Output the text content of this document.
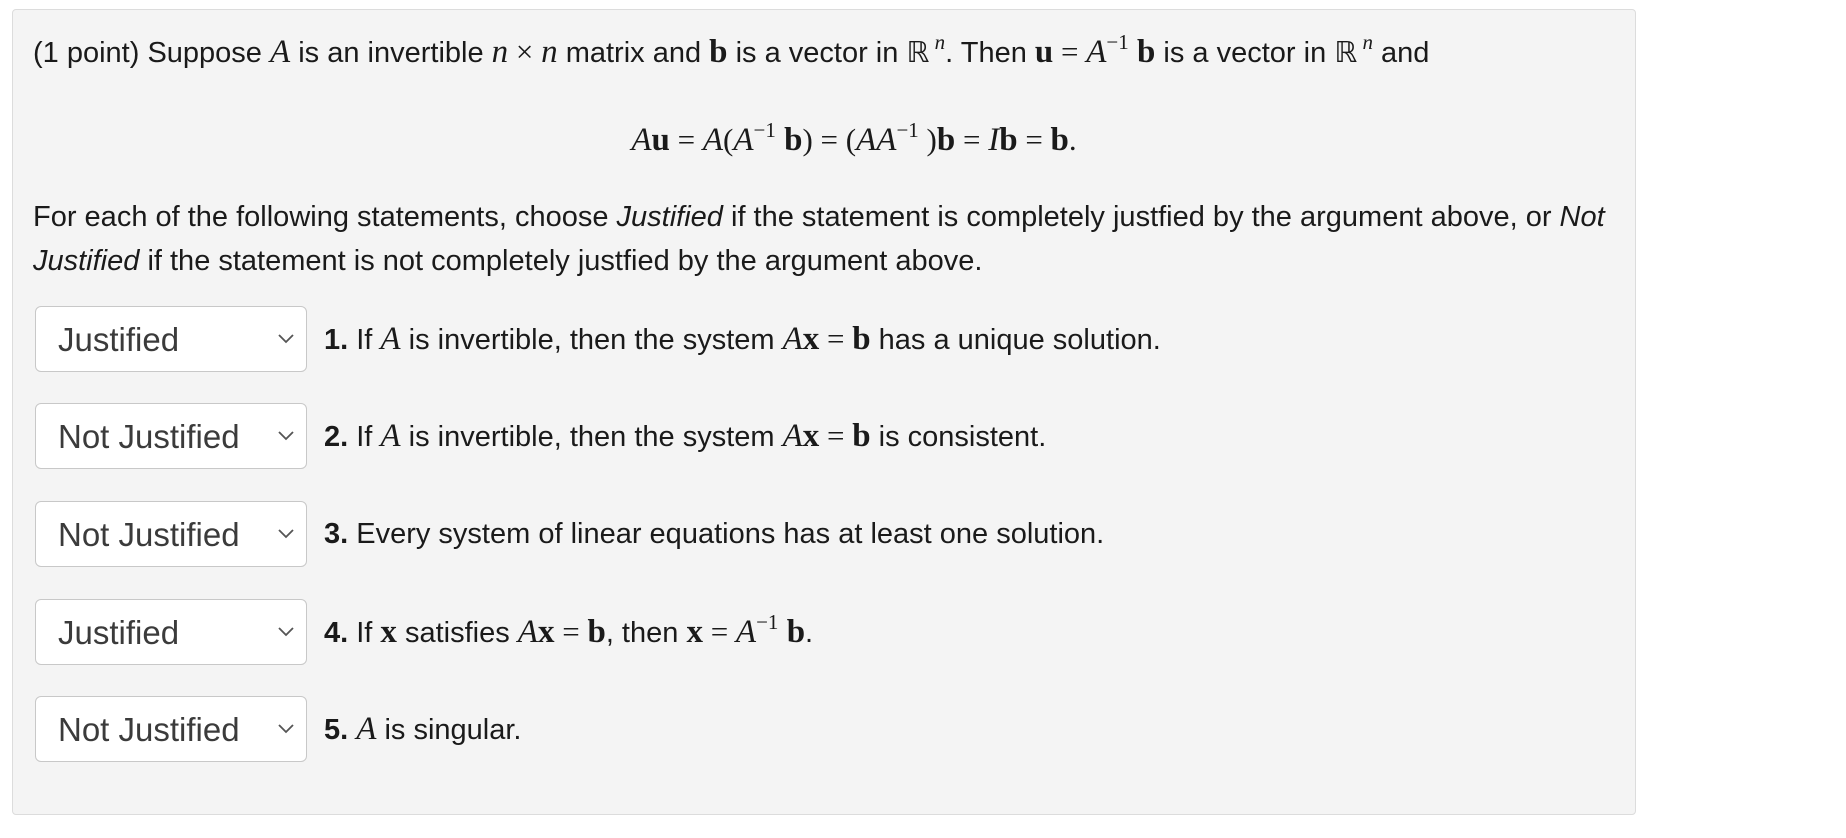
(1 point) Suppose A is an invertible n × n matrix and b is a vector in ℝ $^n$. Then $u = A^{-1}$ b is a vector in ℝ $^n$ and
Au = A(A−1 b) = (AA−1 )b = Ib = b.
For each of the following statements, choose Justified if the statement is completely justfied by the argument above, or Not Justified if the statement is not completely justfied by the argument above.
Justified	1. If A is invertible, then the system Ax = b has a unique solution.
Not Justified	2. If A is invertible, then the system Ax = b is consistent.
Not Justified	3. Every system of linear equations has at least one solution.
Justified	4. If x satisfies Ax = b, then $x = A^{-1}$ b.
Not Justified	5. A is singular.
